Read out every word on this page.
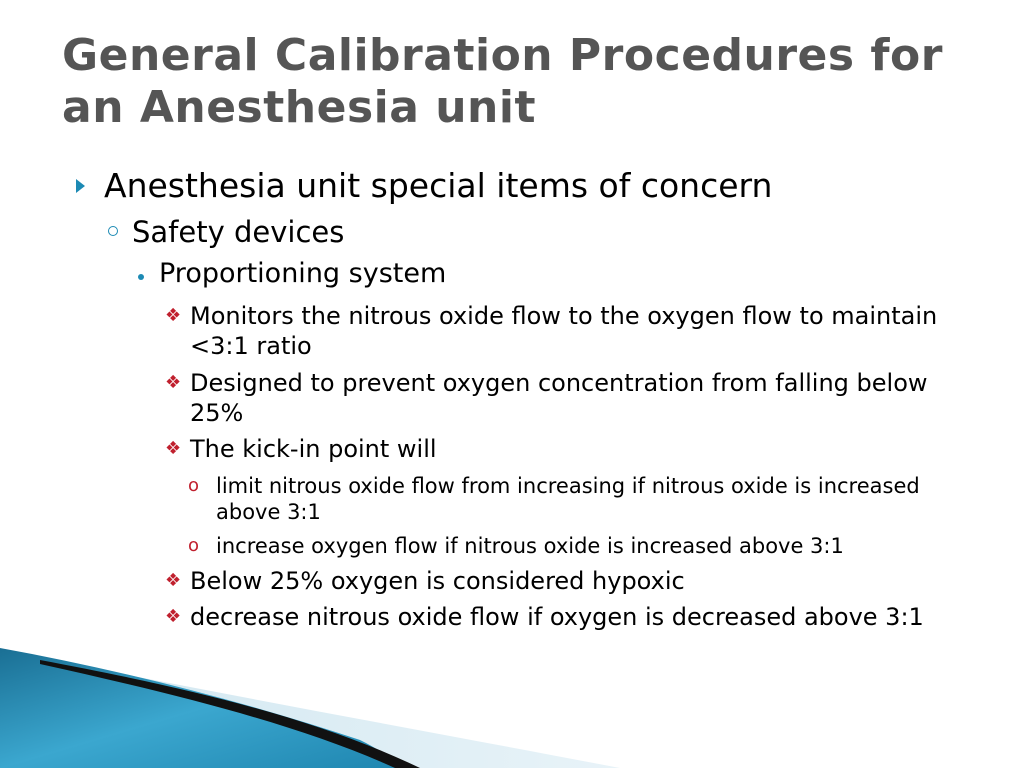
General Calibration Procedures for an Anesthesia unit

Anesthesia unit special items of concern

Safety devices

Proportioning system

❖ Monitors the nitrous oxide flow to the oxygen flow to maintain <3:1 ratio

❖ Designed to prevent oxygen concentration from falling below 25%

❖ The kick-in point will

o limit nitrous oxide flow from increasing if nitrous oxide is increased above 3:1

o increase oxygen flow if nitrous oxide is increased above 3:1

❖ Below 25% oxygen is considered hypoxic

❖ decrease nitrous oxide flow if oxygen is decreased above 3:1
